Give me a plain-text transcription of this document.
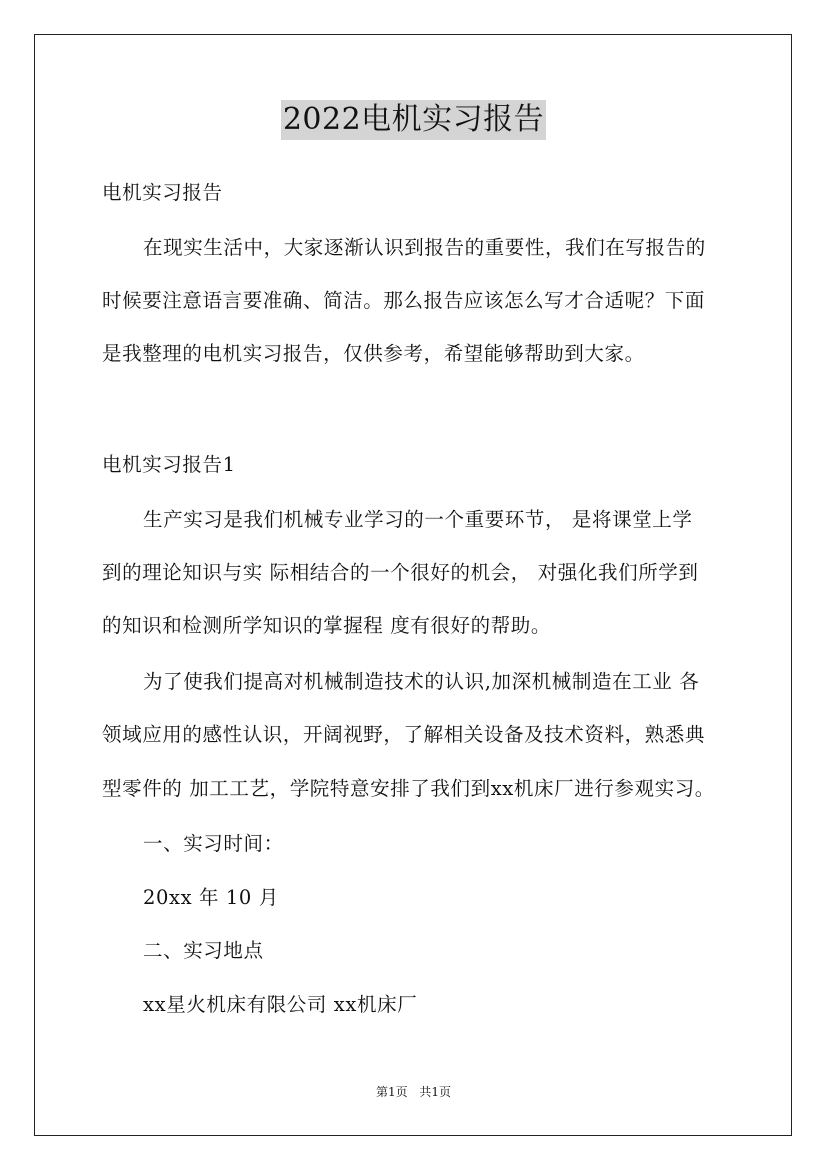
2022电机实习报告
电机实习报告
在现实生活中，大家逐渐认识到报告的重要性，我们在写报告的
时候要注意语言要准确、简洁。那么报告应该怎么写才合适呢？下面
是我整理的电机实习报告，仅供参考，希望能够帮助到大家。
电机实习报告1
生产实习是我们机械专业学习的一个重要环节， 是将课堂上学
到的理论知识与实 际相结合的一个很好的机会， 对强化我们所学到
的知识和检测所学知识的掌握程 度有很好的帮助。
为了使我们提高对机械制造技术的认识,加深机械制造在工业 各
领域应用的感性认识，开阔视野，了解相关设备及技术资料，熟悉典
型零件的 加工工艺，学院特意安排了我们到xx机床厂进行参观实习。
一、实习时间：
20xx 年 10 月
二、实习地点
xx星火机床有限公司 xx机床厂
第1页 共1页
